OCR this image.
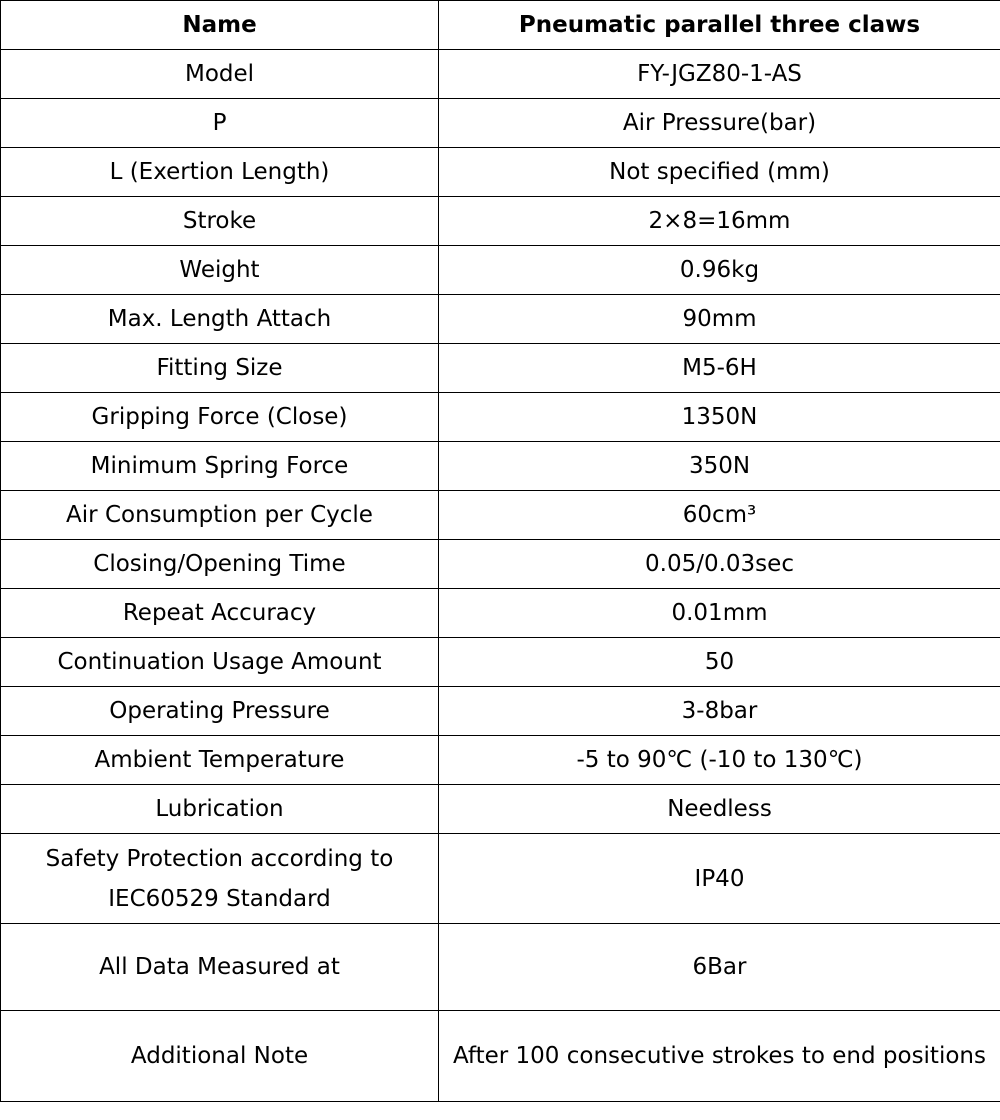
Name	Pneumatic parallel three claws
Model	FY-JGZ80-1-AS
P	Air Pressure(bar)
L (Exertion Length)	Not specified (mm)
Stroke	2×8=16mm
Weight	0.96kg
Max. Length Attach	90mm
Fitting Size	M5-6H
Gripping Force (Close)	1350N
Minimum Spring Force	350N
Air Consumption per Cycle	60cm³
Closing/Opening Time	0.05/0.03sec
Repeat Accuracy	0.01mm
Continuation Usage Amount	50
Operating Pressure	3-8bar
Ambient Temperature	-5 to 90℃ (-10 to 130℃)
Lubrication	Needless
Safety Protection according to IEC60529 Standard	IP40
All Data Measured at	6Bar
Additional Note	After 100 consecutive strokes to end positions
